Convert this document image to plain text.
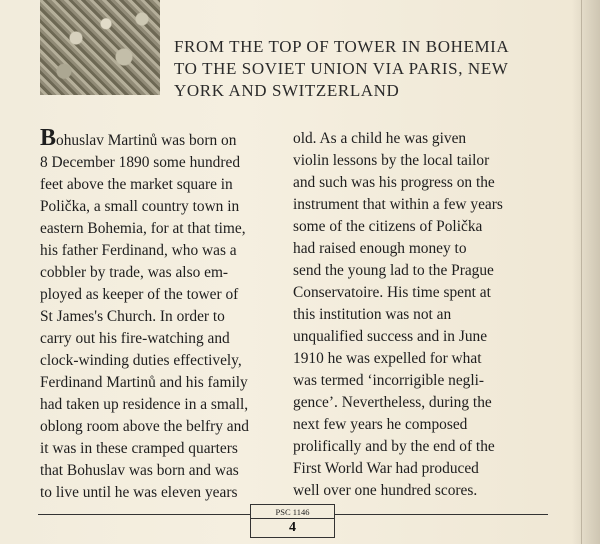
FROM THE TOP OF TOWER IN BOHEMIA
TO THE SOVIET UNION VIA PARIS, NEW
YORK AND SWITZERLAND
Bohuslav Martinů was born on
8 December 1890 some hundred
feet above the market square in
Polička, a small country town in
eastern Bohemia, for at that time,
his father Ferdinand, who was a
cobbler by trade, was also em-
ployed as keeper of the tower of
St James's Church. In order to
carry out his fire-watching and
clock-winding duties effectively,
Ferdinand Martinů and his family
had taken up residence in a small,
oblong room above the belfry and
it was in these cramped quarters
that Bohuslav was born and was
to live until he was eleven years
old. As a child he was given
violin lessons by the local tailor
and such was his progress on the
instrument that within a few years
some of the citizens of Polička
had raised enough money to
send the young lad to the Prague
Conservatoire. His time spent at
this institution was not an
unqualified success and in June
1910 he was expelled for what
was termed ‘incorrigible negli-
gence’. Nevertheless, during the
next few years he composed
prolifically and by the end of the
First World War had produced
well over one hundred scores.
PSC 1146
4
